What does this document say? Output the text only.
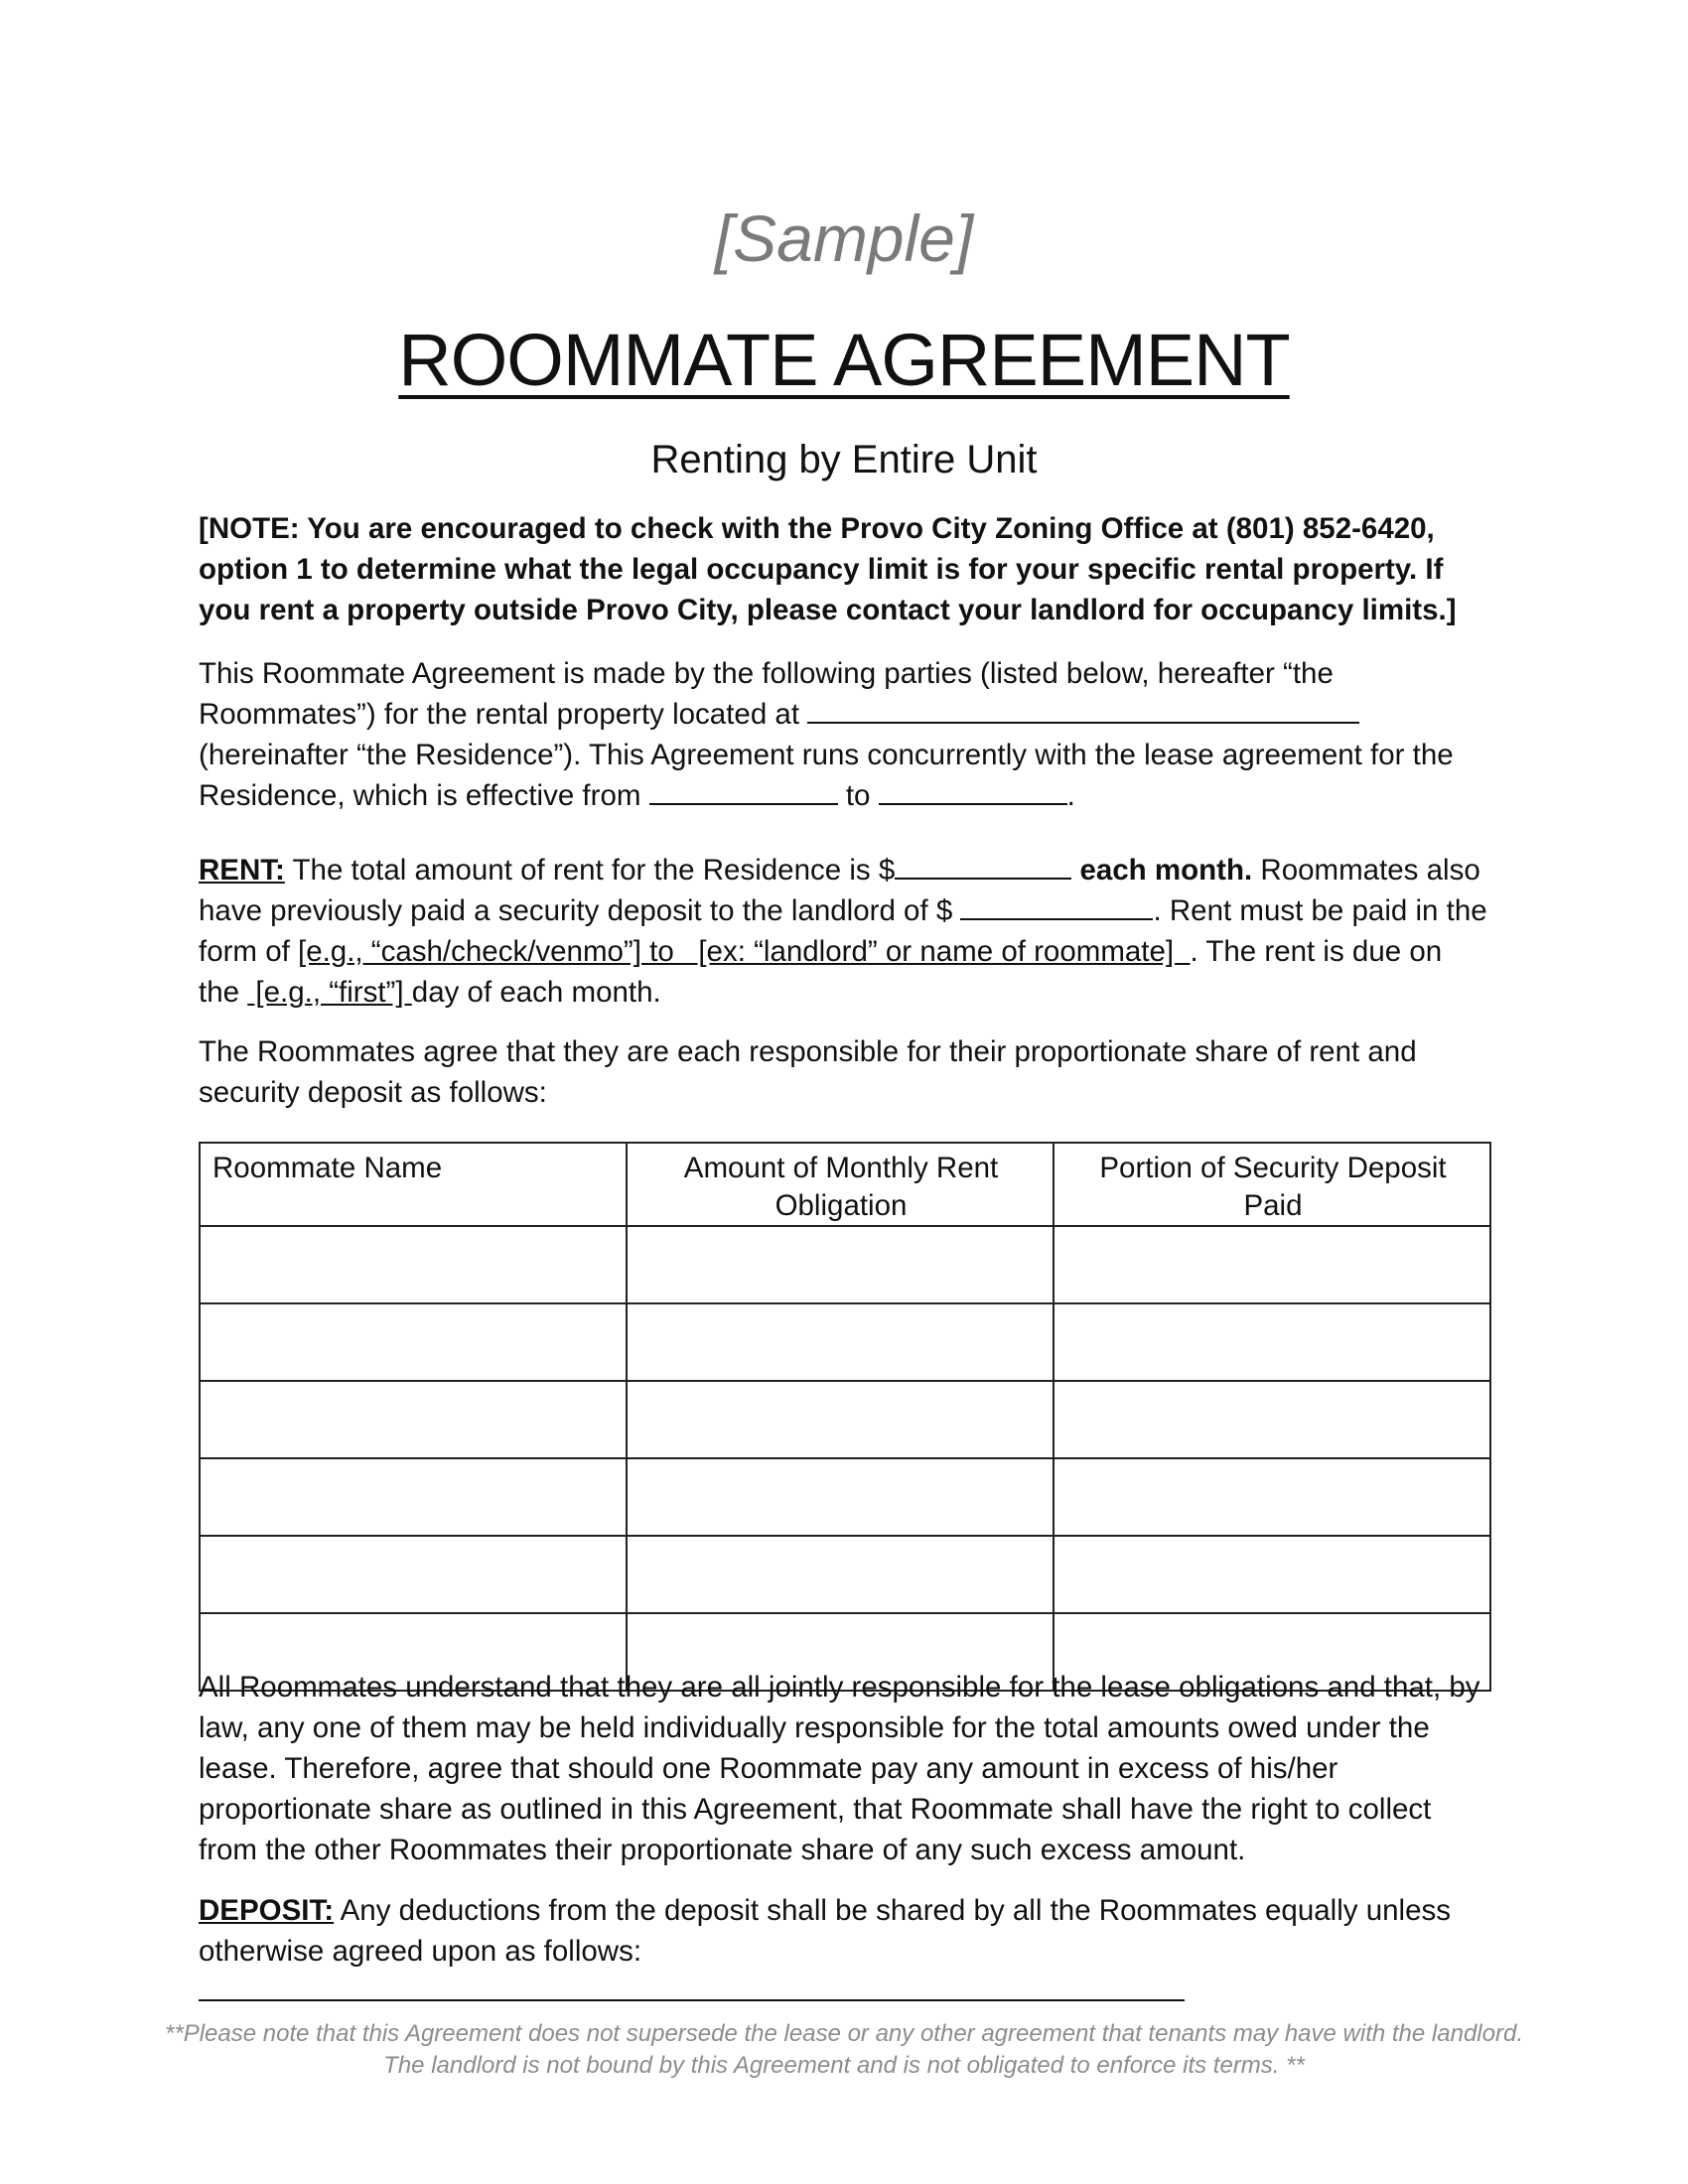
[Sample]
ROOMMATE AGREEMENT
Renting by Entire Unit
[NOTE: You are encouraged to check with the Provo City Zoning Office at (801) 852-6420, option 1 to determine what the legal occupancy limit is for your specific rental property. If you rent a property outside Provo City, please contact your landlord for occupancy limits.]
This Roommate Agreement is made by the following parties (listed below, hereafter “the Roommates”) for the rental property located at  (hereinafter “the Residence”). This Agreement runs concurrently with the lease agreement for the Residence, which is effective from	to	.
RENT: The total amount of rent for the Residence is $	each month. Roommates also have previously paid a security deposit to the landlord of $	. Rent must be paid in the form of [e.g., “cash/check/venmo”] to   [ex: “landlord” or name of roommate]  . The rent is due on the  [e.g., “first”] day of each month.
The Roommates agree that they are each responsible for their proportionate share of rent and security deposit as follows:
Roommate Name	Amount of Monthly Rent Obligation	Portion of Security Deposit Paid

All Roommates understand that they are all jointly responsible for the lease obligations and that, by law, any one of them may be held individually responsible for the total amounts owed under the lease. Therefore, agree that should one Roommate pay any amount in excess of his/her proportionate share as outlined in this Agreement, that Roommate shall have the right to collect from the other Roommates their proportionate share of any such excess amount.
DEPOSIT: Any deductions from the deposit shall be shared by all the Roommates equally unless otherwise agreed upon as follows:
**Please note that this Agreement does not supersede the lease or any other agreement that tenants may have with the landlord.
The landlord is not bound by this Agreement and is not obligated to enforce its terms. **
